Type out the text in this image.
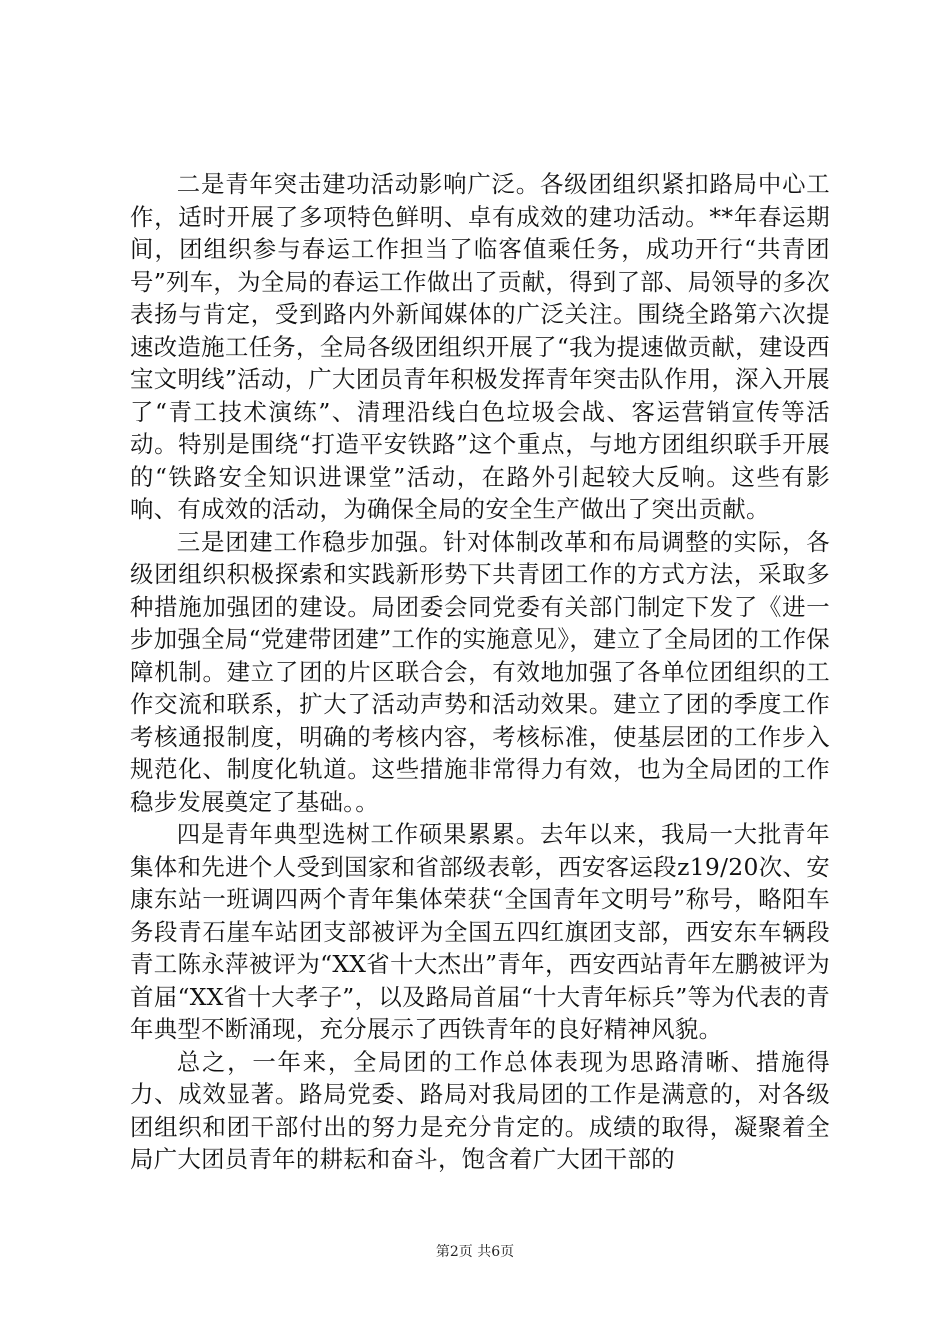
二是青年突击建功活动影响广泛。各级团组织紧扣路局中心工作，适时开展了多项特色鲜明、卓有成效的建功活动。**年春运期间，团组织参与春运工作担当了临客值乘任务，成功开行“共青团号”列车，为全局的春运工作做出了贡献，得到了部、局领导的多次表扬与肯定，受到路内外新闻媒体的广泛关注。围绕全路第六次提速改造施工任务，全局各级团组织开展了“我为提速做贡献，建设西宝文明线”活动，广大团员青年积极发挥青年突击队作用，深入开展了“青工技术演练”、清理沿线白色垃圾会战、客运营销宣传等活动。特别是围绕“打造平安铁路”这个重点，与地方团组织联手开展的“铁路安全知识进课堂”活动，在路外引起较大反响。这些有影响、有成效的活动，为确保全局的安全生产做出了突出贡献。

三是团建工作稳步加强。针对体制改革和布局调整的实际，各级团组织积极探索和实践新形势下共青团工作的方式方法，采取多种措施加强团的建设。局团委会同党委有关部门制定下发了《进一步加强全局“党建带团建”工作的实施意见》，建立了全局团的工作保障机制。建立了团的片区联合会，有效地加强了各单位团组织的工作交流和联系，扩大了活动声势和活动效果。建立了团的季度工作考核通报制度，明确的考核内容，考核标准，使基层团的工作步入规范化、制度化轨道。这些措施非常得力有效，也为全局团的工作稳步发展奠定了基础。。

四是青年典型选树工作硕果累累。去年以来，我局一大批青年集体和先进个人受到国家和省部级表彰，西安客运段z19/20次、安康东站一班调四两个青年集体荣获“全国青年文明号”称号，略阳车务段青石崖车站团支部被评为全国五四红旗团支部，西安东车辆段青工陈永萍被评为“XX省十大杰出”青年，西安西站青年左鹏被评为首届“XX省十大孝子”，以及路局首届“十大青年标兵”等为代表的青年典型不断涌现，充分展示了西铁青年的良好精神风貌。

总之，一年来，全局团的工作总体表现为思路清晰、措施得力、成效显著。路局党委、路局对我局团的工作是满意的，对各级团组织和团干部付出的努力是充分肯定的。成绩的取得，凝聚着全局广大团员青年的耕耘和奋斗，饱含着广大团干部的

第2页 共6页
